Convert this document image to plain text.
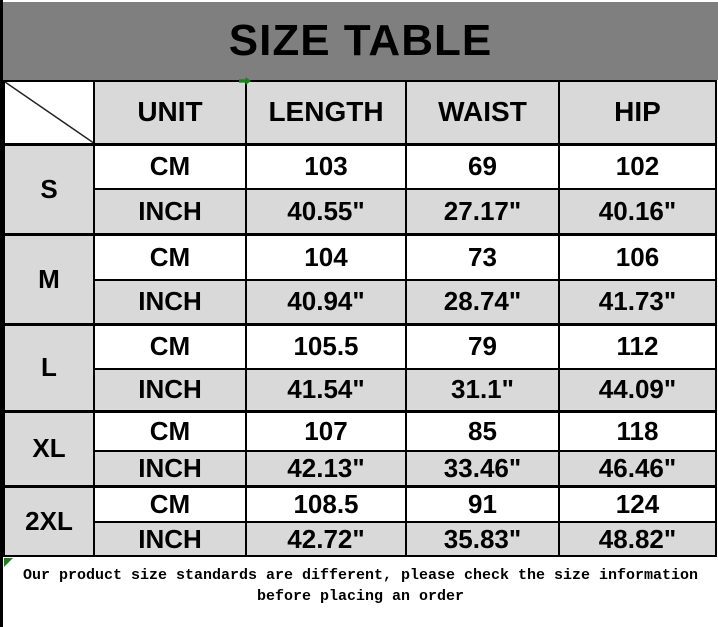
SIZE TABLE
	UNIT	LENGTH	WAIST	HIP
S	CM	103	69	102
	INCH	40.55"	27.17"	40.16"
M	CM	104	73	106
	INCH	40.94"	28.74"	41.73"
L	CM	105.5	79	112
	INCH	41.54"	31.1"	44.09"
XL	CM	107	85	118
	INCH	42.13"	33.46"	46.46"
2XL	CM	108.5	91	124
	INCH	42.72"	35.83"	48.82"
Our product size standards are different, please check the size information
before placing an order
